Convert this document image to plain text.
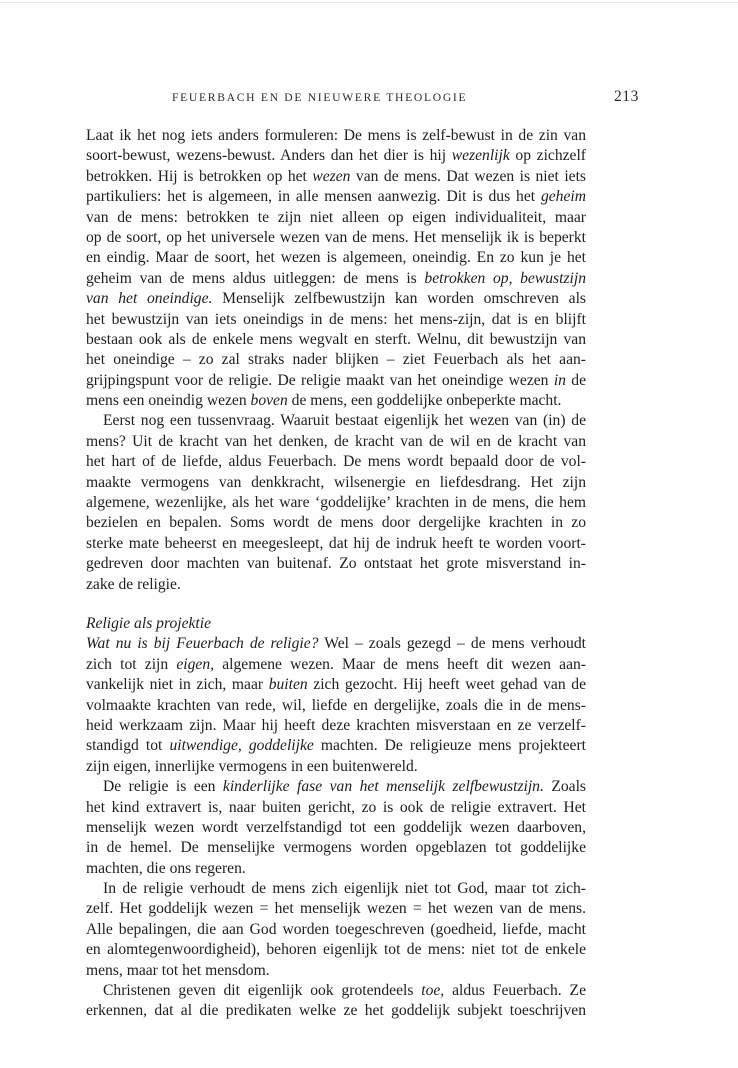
FEUERBACH EN DE NIEUWERE THEOLOGIE	213
Laat ik het nog iets anders formuleren: De mens is zelf-bewust in de zin van
soort-bewust, wezens-bewust. Anders dan het dier is hij wezenlijk op zichzelf
betrokken. Hij is betrokken op het wezen van de mens. Dat wezen is niet iets
partikuliers: het is algemeen, in alle mensen aanwezig. Dit is dus het geheim
van de mens: betrokken te zijn niet alleen op eigen individualiteit, maar
op de soort, op het universele wezen van de mens. Het menselijk ik is beperkt
en eindig. Maar de soort, het wezen is algemeen, oneindig. En zo kun je het
geheim van de mens aldus uitleggen: de mens is betrokken op, bewustzijn
van het oneindige. Menselijk zelfbewustzijn kan worden omschreven als
het bewustzijn van iets oneindigs in de mens: het mens-zijn, dat is en blijft
bestaan ook als de enkele mens wegvalt en sterft. Welnu, dit bewustzijn van
het oneindige – zo zal straks nader blijken – ziet Feuerbach als het aan-
grijpingspunt voor de religie. De religie maakt van het oneindige wezen in de
mens een oneindig wezen boven de mens, een goddelijke onbeperkte macht.
Eerst nog een tussenvraag. Waaruit bestaat eigenlijk het wezen van (in) de
mens? Uit de kracht van het denken, de kracht van de wil en de kracht van
het hart of de liefde, aldus Feuerbach. De mens wordt bepaald door de vol-
maakte vermogens van denkkracht, wilsenergie en liefdesdrang. Het zijn
algemene, wezenlijke, als het ware ‘goddelijke’ krachten in de mens, die hem
bezielen en bepalen. Soms wordt de mens door dergelijke krachten in zo
sterke mate beheerst en meegesleept, dat hij de indruk heeft te worden voort-
gedreven door machten van buitenaf. Zo ontstaat het grote misverstand in-
zake de religie.
Religie als projektie
Wat nu is bij Feuerbach de religie? Wel – zoals gezegd – de mens verhoudt
zich tot zijn eigen, algemene wezen. Maar de mens heeft dit wezen aan-
vankelijk niet in zich, maar buiten zich gezocht. Hij heeft weet gehad van de
volmaakte krachten van rede, wil, liefde en dergelijke, zoals die in de mens-
heid werkzaam zijn. Maar hij heeft deze krachten misverstaan en ze verzelf-
standigd tot uitwendige, goddelijke machten. De religieuze mens projekteert
zijn eigen, innerlijke vermogens in een buitenwereld.
De religie is een kinderlijke fase van het menselijk zelfbewustzijn. Zoals
het kind extravert is, naar buiten gericht, zo is ook de religie extravert. Het
menselijk wezen wordt verzelfstandigd tot een goddelijk wezen daarboven,
in de hemel. De menselijke vermogens worden opgeblazen tot goddelijke
machten, die ons regeren.
In de religie verhoudt de mens zich eigenlijk niet tot God, maar tot zich-
zelf. Het goddelijk wezen = het menselijk wezen = het wezen van de mens.
Alle bepalingen, die aan God worden toegeschreven (goedheid, liefde, macht
en alomtegenwoordigheid), behoren eigenlijk tot de mens: niet tot de enkele
mens, maar tot het mensdom.
Christenen geven dit eigenlijk ook grotendeels toe, aldus Feuerbach. Ze
erkennen, dat al die predikaten welke ze het goddelijk subjekt toeschrijven
